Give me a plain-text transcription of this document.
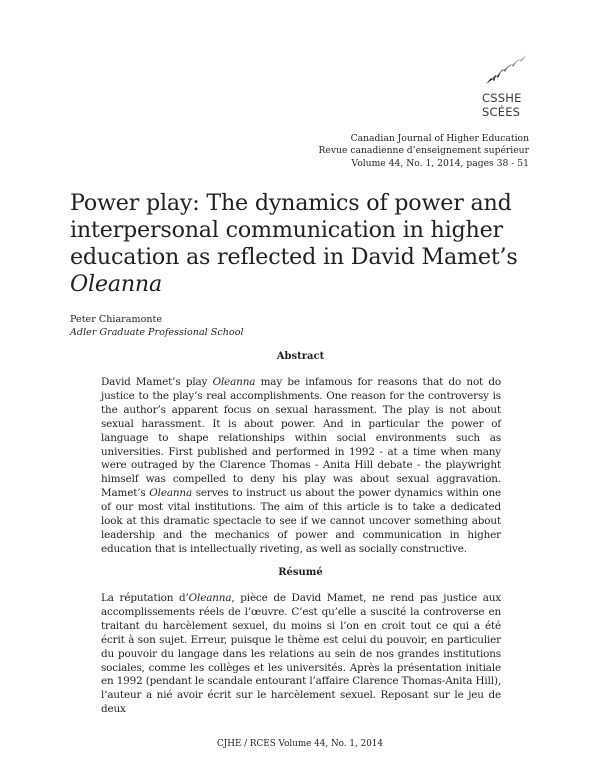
CSSHE
SCÉES
Canadian Journal of Higher Education
Revue canadienne d’enseignement supérieur
Volume 44, No. 1, 2014, pages 38 - 51
Power play: The dynamics of power and interpersonal communication in higher education as reflected in David Mamet’s
Oleanna
Peter Chiaramonte
Adler Graduate Professional School
Abstract

David Mamet’s play Oleanna may be infamous for reasons that do not do justice to the play’s real accomplishments. One reason for the controversy is the author’s apparent focus on sexual harassment. The play is not about sexual harassment. It is about power. And in particular the power of language to shape relationships within social environments such as universities. First published and performed in 1992 - at a time when many were outraged by the Clarence Thomas - Anita Hill debate - the playwright himself was compelled to deny his play was about sexual aggravation. Mamet’s Oleanna serves to instruct us about the power dynamics within one of our most vital institutions. The aim of this article is to take a dedicated look at this dramatic spectacle to see if we cannot uncover something about leadership and the mechanics of power and communication in higher education that is intellectually riveting, as well as socially constructive.

Résumé

La réputation d’Oleanna, pièce de David Mamet, ne rend pas justice aux accomplissements réels de l’œuvre. C’est qu’elle a suscité la controverse en traitant du harcèlement sexuel, du moins si l’on en croit tout ce qui a été écrit à son sujet. Erreur, puisque le thème est celui du pouvoir, en particulier du pouvoir du langage dans les relations au sein de nos grandes institutions sociales, comme les collèges et les universités. Après la présentation initiale en 1992 (pendant le scandale entourant l’affaire Clarence Thomas-Anita Hill), l’auteur a nié avoir écrit sur le harcèlement sexuel. Reposant sur le jeu de deux

CJHE / RCES Volume 44, No. 1, 2014
